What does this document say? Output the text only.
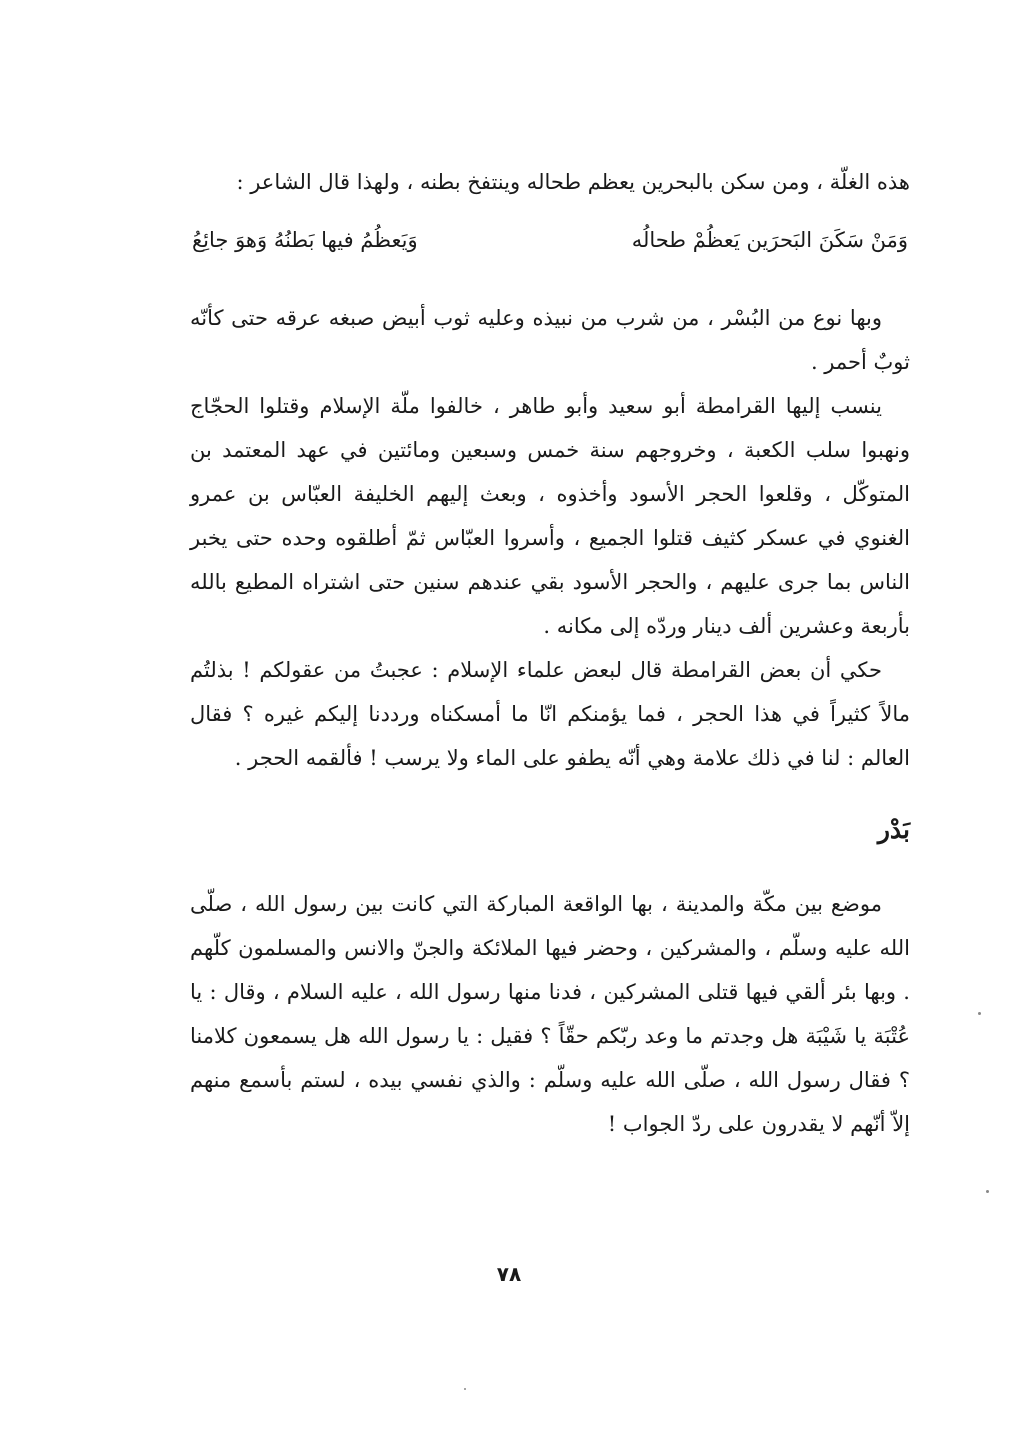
هذه الغلّة ، ومن سكن بالبحرين يعظم طحاله وينتفخ بطنه ، ولهذا قال الشاعر :

وَمَنْ سَكَنَ البَحرَين يَعظُمْ طحالُه
وَيَعظُمُ فيها بَطنُهُ وَهوَ جائِعُ

وبها نوع من البُسْر ، من شرب من نبيذه وعليه ثوب أبيض صبغه عرقه حتى كأنّه ثوبٌ أحمر .

ينسب إليها القرامطة أبو سعيد وأبو طاهر ، خالفوا ملّة الإسلام وقتلوا الحجّاج ونهبوا سلب الكعبة ، وخروجهم سنة خمس وسبعين ومائتين في عهد المعتمد بن المتوكّل ، وقلعوا الحجر الأسود وأخذوه ، وبعث إليهم الخليفة العبّاس بن عمرو الغنوي في عسكر كثيف قتلوا الجميع ، وأسروا العبّاس ثمّ أطلقوه وحده حتى يخبر الناس بما جرى عليهم ، والحجر الأسود بقي عندهم سنين حتى اشتراه المطيع بالله بأربعة وعشرين ألف دينار وردّه إلى مكانه .

حكي أن بعض القرامطة قال لبعض علماء الإسلام : عجبتُ من عقولكم ! بذلتُم مالاً كثيراً في هذا الحجر ، فما يؤمنكم انّا ما أمسكناه ورددنا إليكم غيره ؟ فقال العالم : لنا في ذلك علامة وهي أنّه يطفو على الماء ولا يرسب ! فألقمه الحجر .

بَدْر

موضع بين مكّة والمدينة ، بها الواقعة المباركة التي كانت بين رسول الله ، صلّى الله عليه وسلّم ، والمشركين ، وحضر فيها الملائكة والجنّ والانس والمسلمون كلّهم . وبها بئر ألقي فيها قتلى المشركين ، فدنا منها رسول الله ، عليه السلام ، وقال : يا عُتْبَة يا شَيْبَة هل وجدتم ما وعد ربّكم حقّاً ؟ فقيل : يا رسول الله هل يسمعون كلامنا ؟ فقال رسول الله ، صلّى الله عليه وسلّم : والذي نفسي بيده ، لستم بأسمع منهم إلاّ أنّهم لا يقدرون على ردّ الجواب !

٧٨
